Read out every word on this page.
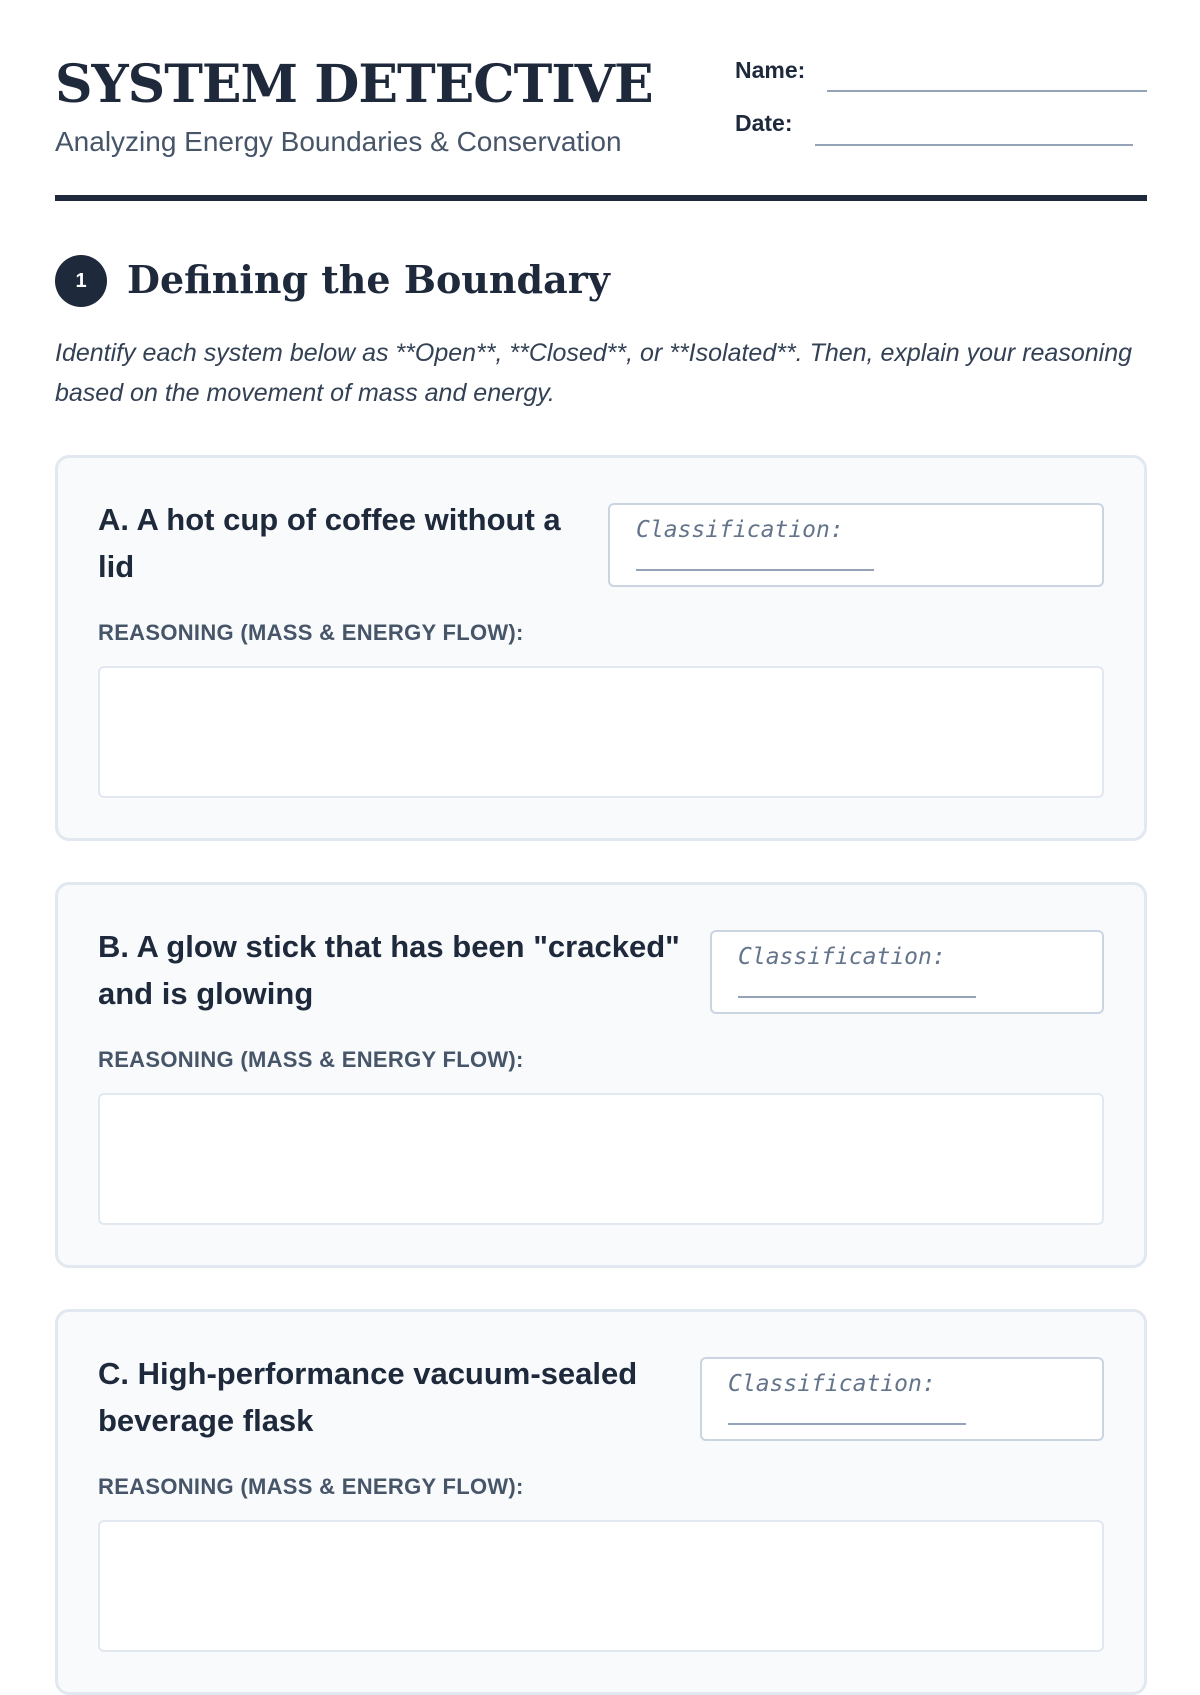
SYSTEM DETECTIVE
Analyzing Energy Boundaries & Conservation
Name:
Date:
1	Defining the Boundary
Identify each system below as **Open**, **Closed**, or **Isolated**. Then, explain your reasoning based on the movement of mass and energy.
A. A hot cup of coffee without a lid
Classification:
REASONING (MASS & ENERGY FLOW):
B. A glow stick that has been "cracked" and is glowing
Classification:
REASONING (MASS & ENERGY FLOW):
C. High-performance vacuum-sealed beverage flask
Classification:
REASONING (MASS & ENERGY FLOW):
